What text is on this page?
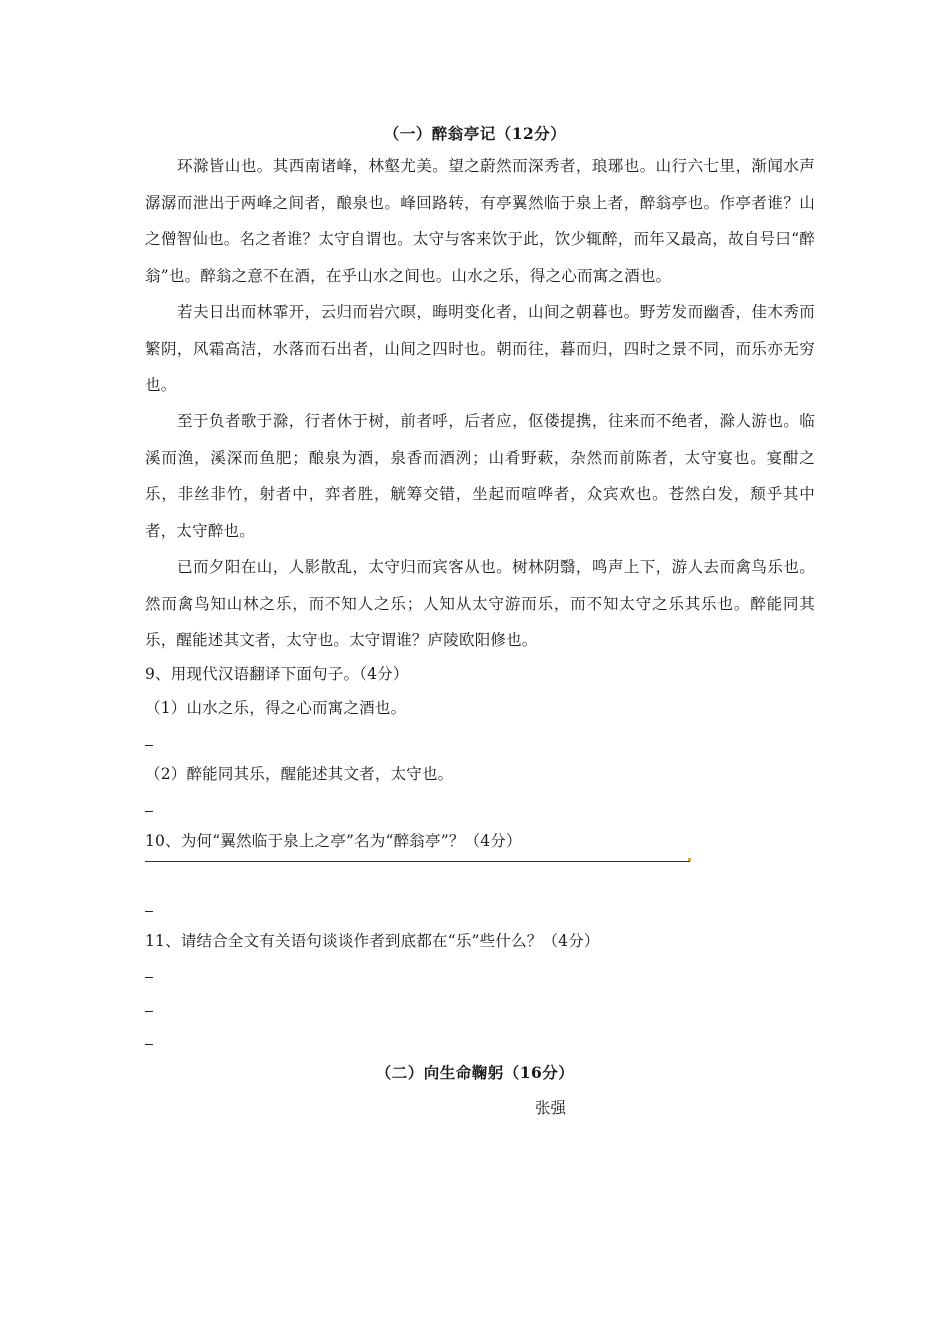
（一）醉翁亭记（12分）
环滁皆山也。其西南诸峰，林壑尤美。望之蔚然而深秀者，琅琊也。山行六七里，渐闻水声潺潺而泄出于两峰之间者，酿泉也。峰回路转，有亭翼然临于泉上者，醉翁亭也。作亭者谁？山之僧智仙也。名之者谁？太守自谓也。太守与客来饮于此，饮少辄醉，而年又最高，故自号曰“醉翁”也。醉翁之意不在酒，在乎山水之间也。山水之乐，得之心而寓之酒也。
若夫日出而林霏开，云归而岩穴暝，晦明变化者，山间之朝暮也。野芳发而幽香，佳木秀而繁阴，风霜高洁，水落而石出者，山间之四时也。朝而往，暮而归，四时之景不同，而乐亦无穷也。
至于负者歌于滁，行者休于树，前者呼，后者应，伛偻提携，往来而不绝者，滁人游也。临溪而渔，溪深而鱼肥；酿泉为酒，泉香而酒洌；山肴野蔌，杂然而前陈者，太守宴也。宴酣之乐，非丝非竹，射者中，弈者胜，觥筹交错，坐起而喧哗者，众宾欢也。苍然白发，颓乎其中者，太守醉也。
已而夕阳在山，人影散乱，太守归而宾客从也。树林阴翳，鸣声上下，游人去而禽鸟乐也。然而禽鸟知山林之乐，而不知人之乐；人知从太守游而乐，而不知太守之乐其乐也。醉能同其乐，醒能述其文者，太守也。太守谓谁？庐陵欧阳修也。
9、用现代汉语翻译下面句子。（4分）
（1）山水之乐，得之心而寓之酒也。
（2）醉能同其乐，醒能述其文者，太守也。
10、为何“翼然临于泉上之亭”名为“醉翁亭”？（4分）
11、请结合全文有关语句谈谈作者到底都在“乐”些什么？（4分）
（二）向生命鞠躬（16分）
张强
